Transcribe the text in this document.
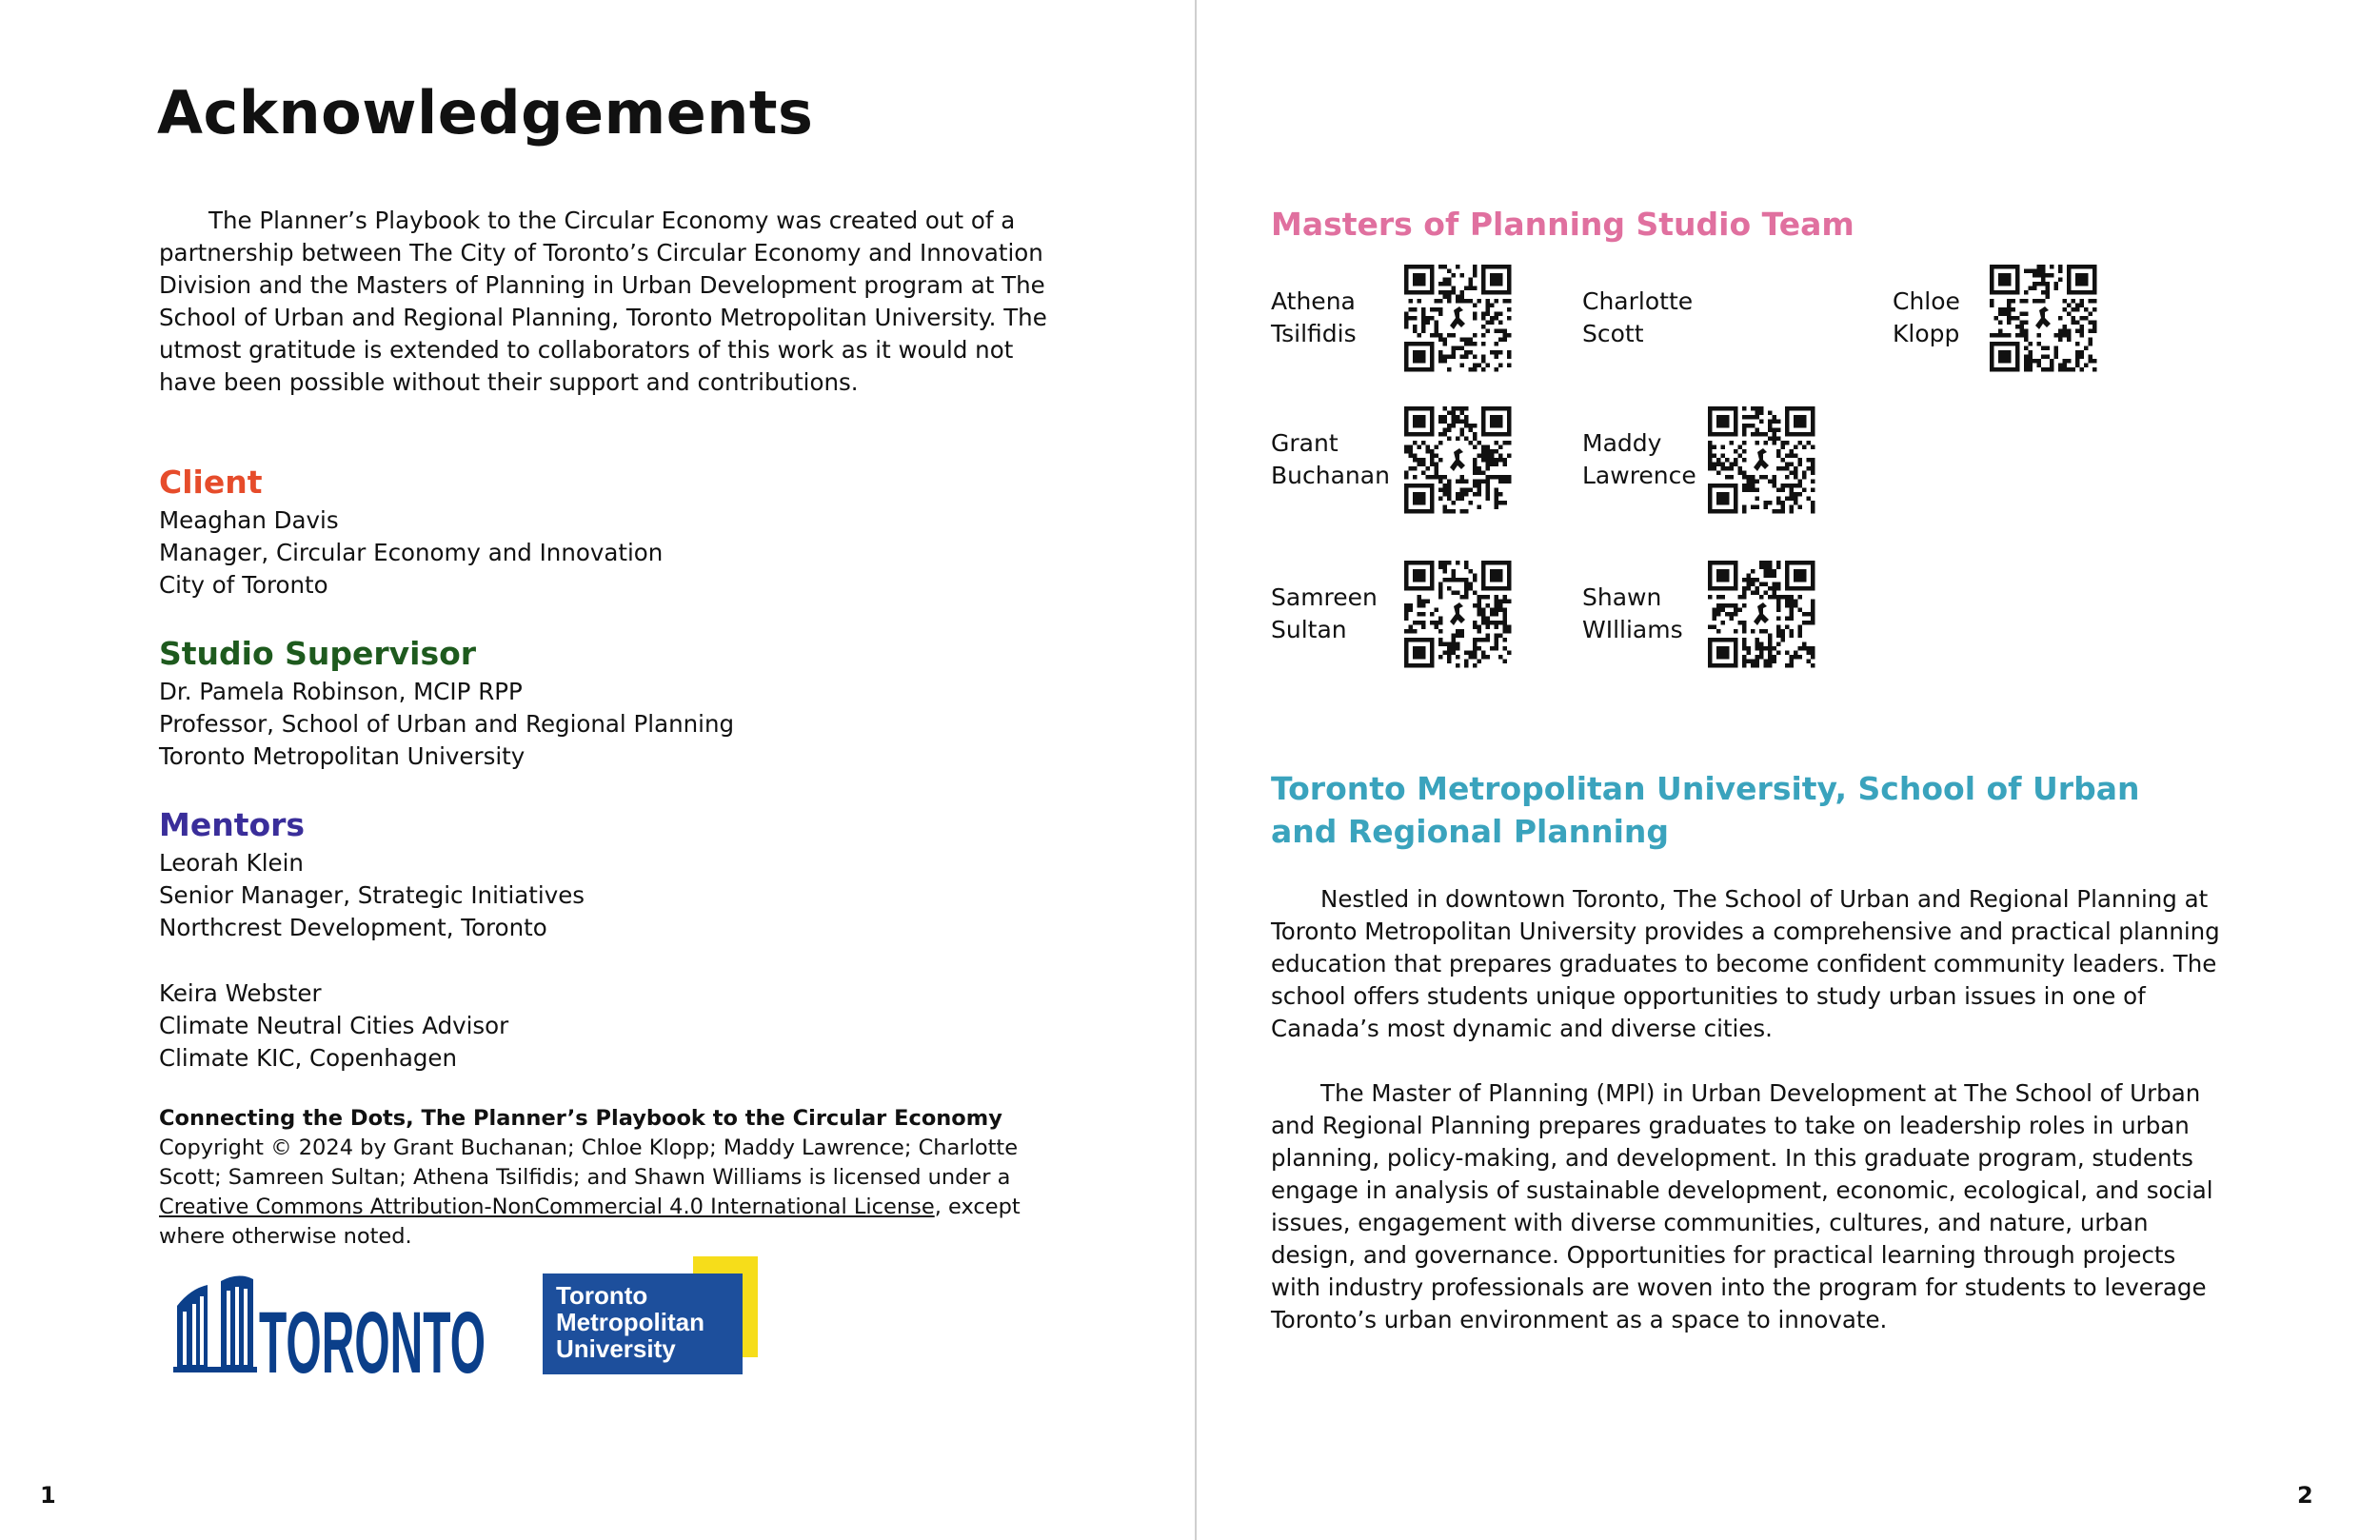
Acknowledgements
The Planner’s Playbook to the Circular Economy was created out of a partnership between The City of Toronto’s Circular Economy and Innovation Division and the Masters of Planning in Urban Development program at The School of Urban and Regional Planning, Toronto Metropolitan University. The utmost gratitude is extended to collaborators of this work as it would not have been possible without their support and contributions.
Client
Meaghan Davis
Manager, Circular Economy and Innovation
City of Toronto
Studio Supervisor
Dr. Pamela Robinson, MCIP RPP
Professor, School of Urban and Regional Planning
Toronto Metropolitan University
Mentors
Leorah Klein
Senior Manager, Strategic Initiatives
Northcrest Development, Toronto
Keira Webster
Climate Neutral Cities Advisor
Climate KIC, Copenhagen
Connecting the Dots, The Planner’s Playbook to the Circular Economy Copyright © 2024 by Grant Buchanan; Chloe Klopp; Maddy Lawrence; Charlotte Scott; Samreen Sultan; Athena Tsilfidis; and Shawn Williams is licensed under a Creative Commons Attribution-NonCommercial 4.0 International License, except where otherwise noted.
TORONTO	Toronto
Metropolitan
University
1
Masters of Planning Studio Team
Athena
Tsilfidis
Charlotte
Scott
Chloe
Klopp
Grant
Buchanan
Maddy
Lawrence
Samreen
Sultan
Shawn
WIlliams
Toronto Metropolitan University, School of Urban and Regional Planning
Nestled in downtown Toronto, The School of Urban and Regional Planning at Toronto Metropolitan University provides a comprehensive and practical planning education that prepares graduates to become confident community leaders. The school offers students unique opportunities to study urban issues in one of Canada’s most dynamic and diverse cities.
The Master of Planning (MPl) in Urban Development at The School of Urban and Regional Planning prepares graduates to take on leadership roles in urban planning, policy-making, and development. In this graduate program, students engage in analysis of sustainable development, economic, ecological, and social issues, engagement with diverse communities, cultures, and nature, urban design, and governance. Opportunities for practical learning through projects with industry professionals are woven into the program for students to leverage Toronto’s urban environment as a space to innovate.
2
